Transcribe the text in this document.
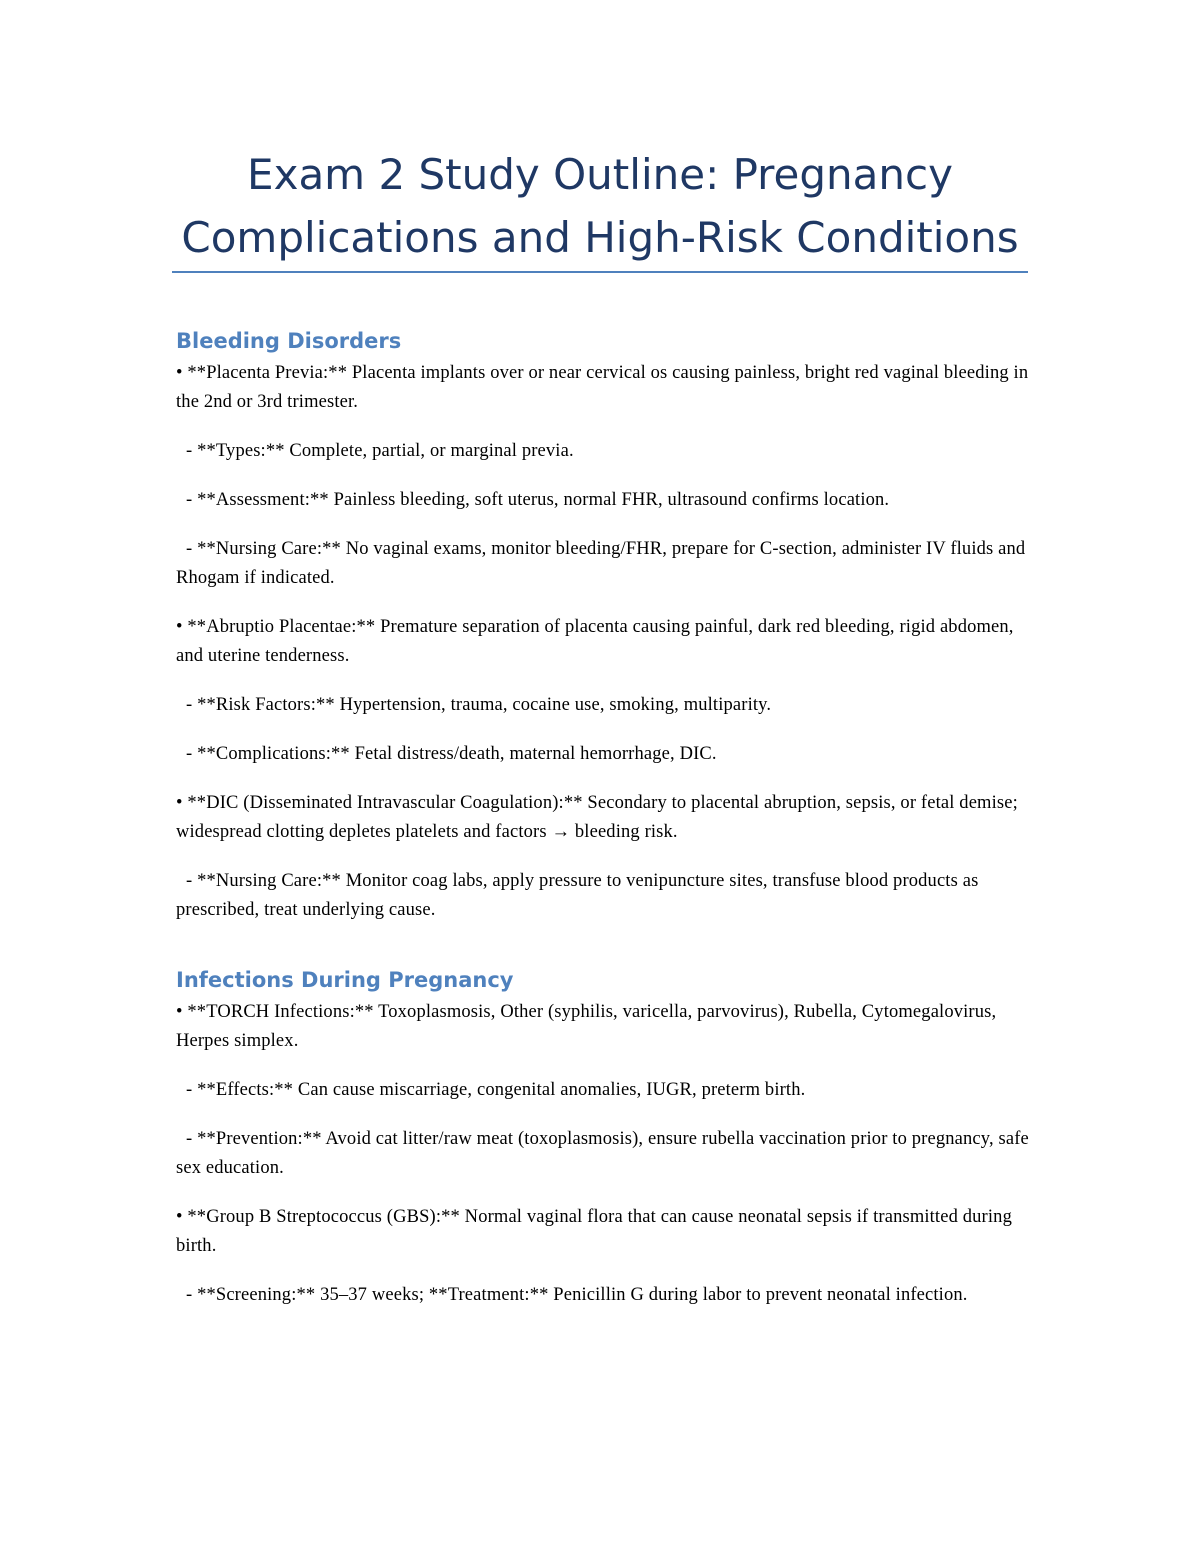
Exam 2 Study Outline: Pregnancy
Complications and High-Risk Conditions
Bleeding Disorders

• **Placenta Previa:** Placenta implants over or near cervical os causing painless, bright red vaginal bleeding in the 2nd or 3rd trimester.

- **Types:** Complete, partial, or marginal previa.

- **Assessment:** Painless bleeding, soft uterus, normal FHR, ultrasound confirms location.

- **Nursing Care:** No vaginal exams, monitor bleeding/FHR, prepare for C-section, administer IV fluids and Rhogam if indicated.

• **Abruptio Placentae:** Premature separation of placenta causing painful, dark red bleeding, rigid abdomen, and uterine tenderness.

- **Risk Factors:** Hypertension, trauma, cocaine use, smoking, multiparity.

- **Complications:** Fetal distress/death, maternal hemorrhage, DIC.

• **DIC (Disseminated Intravascular Coagulation):** Secondary to placental abruption, sepsis, or fetal demise; widespread clotting depletes platelets and factors → bleeding risk.

- **Nursing Care:** Monitor coag labs, apply pressure to venipuncture sites, transfuse blood products as prescribed, treat underlying cause.

Infections During Pregnancy

• **TORCH Infections:** Toxoplasmosis, Other (syphilis, varicella, parvovirus), Rubella, Cytomegalovirus, Herpes simplex.

- **Effects:** Can cause miscarriage, congenital anomalies, IUGR, preterm birth.

- **Prevention:** Avoid cat litter/raw meat (toxoplasmosis), ensure rubella vaccination prior to pregnancy, safe sex education.

• **Group B Streptococcus (GBS):** Normal vaginal flora that can cause neonatal sepsis if transmitted during birth.

- **Screening:** 35–37 weeks; **Treatment:** Penicillin G during labor to prevent neonatal infection.
